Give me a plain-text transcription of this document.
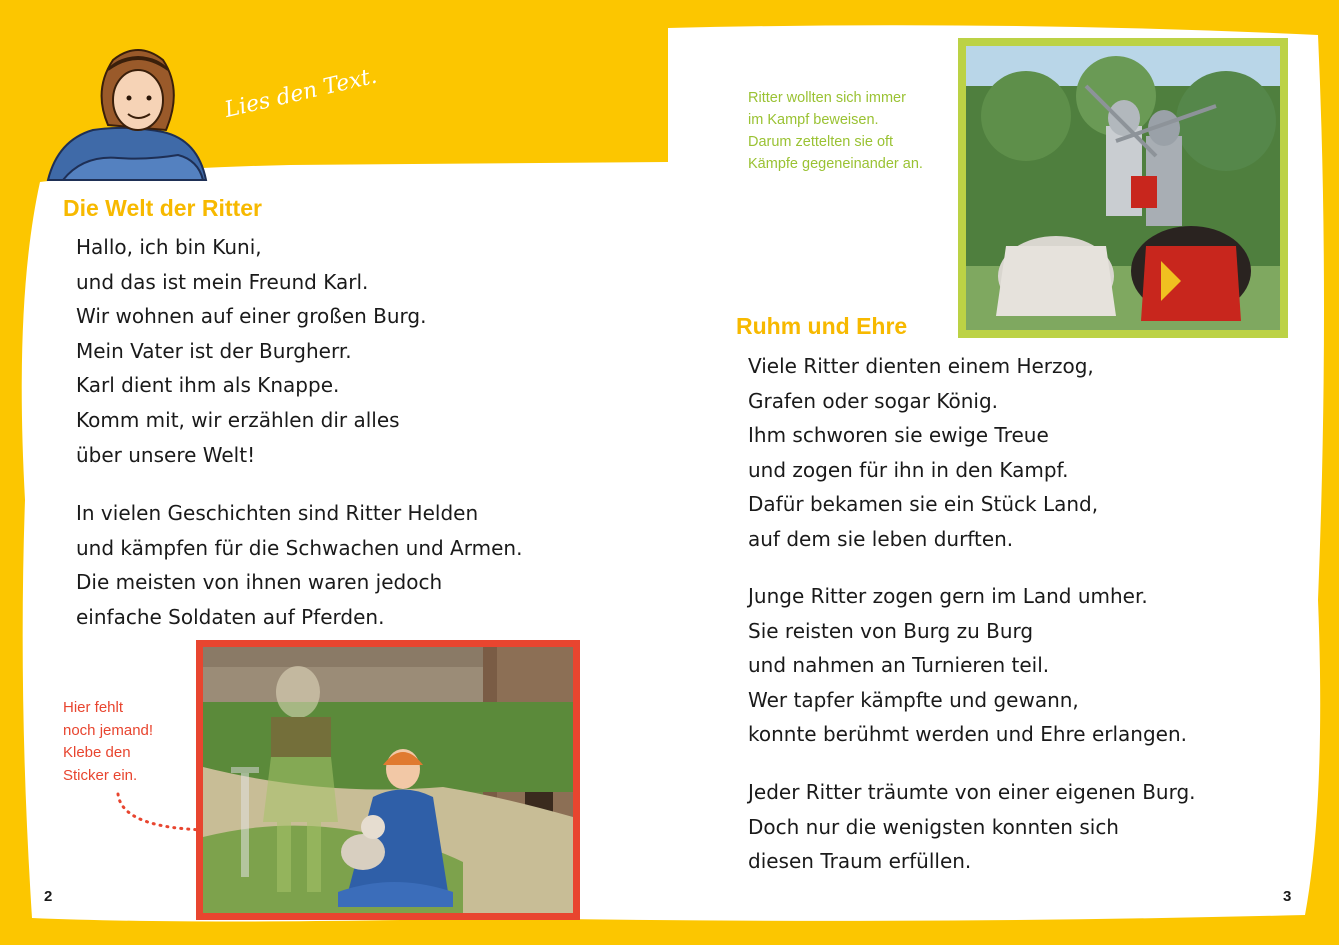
Lies den Text.
Die Welt der Ritter
Hallo, ich bin Kuni,
und das ist mein Freund Karl.
Wir wohnen auf einer großen Burg.
Mein Vater ist der Burgherr.
Karl dient ihm als Knappe.
Komm mit, wir erzählen dir alles
über unsere Welt!
In vielen Geschichten sind Ritter Helden
und kämpfen für die Schwachen und Armen.
Die meisten von ihnen waren jedoch
einfache Soldaten auf Pferden.
Hier fehlt
noch jemand!
Klebe den
Sticker ein.
2
Ritter wollten sich immer
im Kampf beweisen.
Darum zettelten sie oft
Kämpfe gegeneinander an.
Ruhm und Ehre
Viele Ritter dienten einem Herzog,
Grafen oder sogar König.
Ihm schworen sie ewige Treue
und zogen für ihn in den Kampf.
Dafür bekamen sie ein Stück Land,
auf dem sie leben durften.
Junge Ritter zogen gern im Land umher.
Sie reisten von Burg zu Burg
und nahmen an Turnieren teil.
Wer tapfer kämpfte und gewann,
konnte berühmt werden und Ehre erlangen.
Jeder Ritter träumte von einer eigenen Burg.
Doch nur die wenigsten konnten sich
diesen Traum erfüllen.
3
